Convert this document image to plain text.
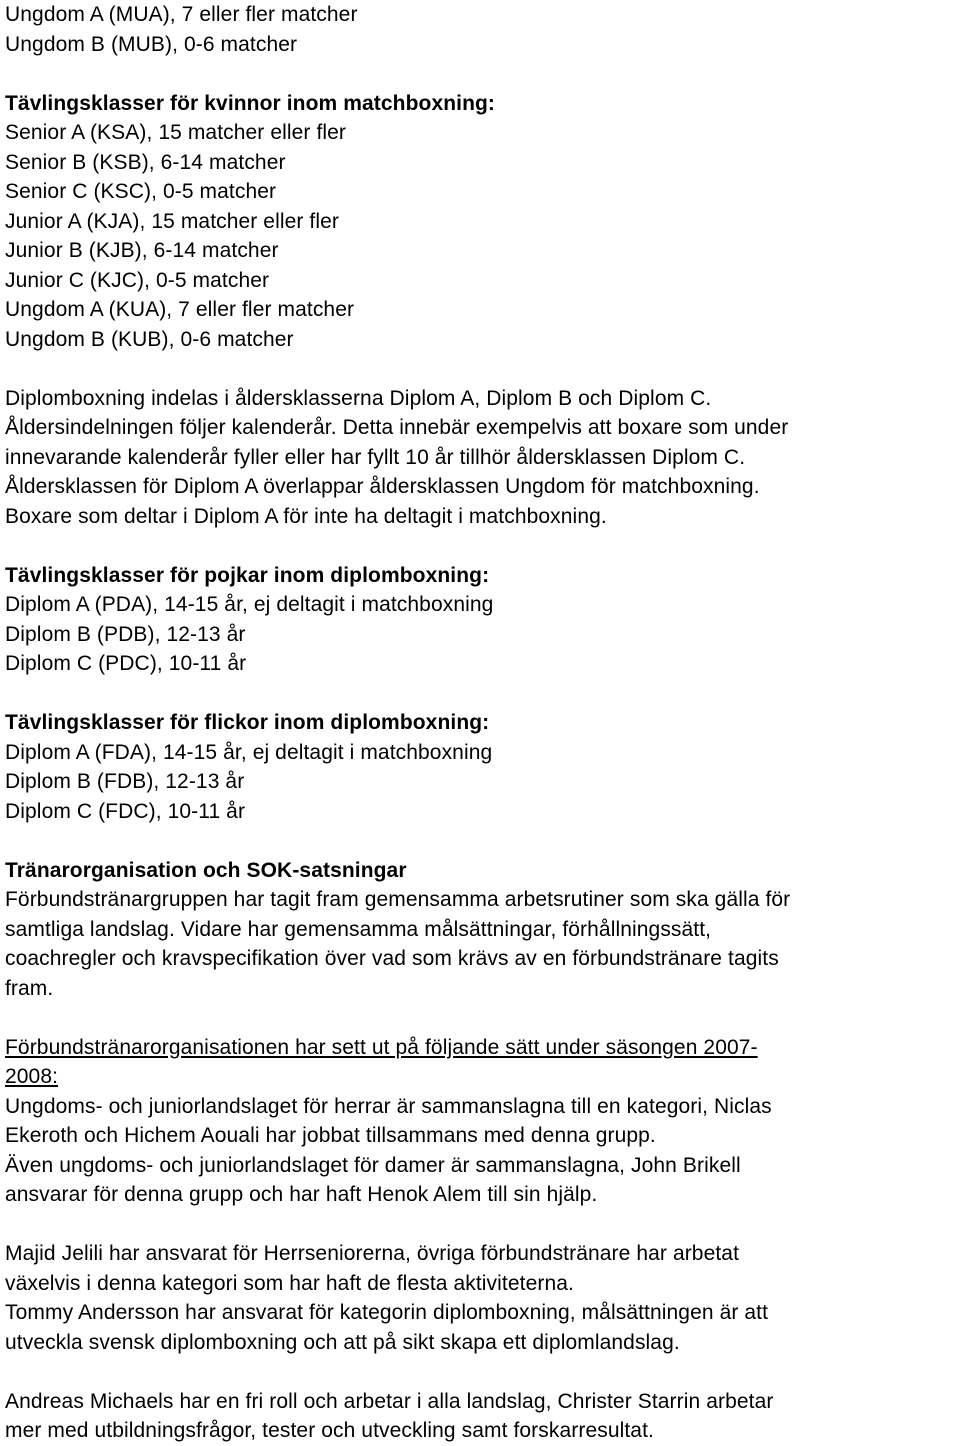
Ungdom A (MUA), 7 eller fler matcher
Ungdom B (MUB), 0-6 matcher
Tävlingsklasser för kvinnor inom matchboxning:
Senior A (KSA), 15 matcher eller fler
Senior B (KSB), 6-14 matcher
Senior C (KSC), 0-5 matcher
Junior A (KJA), 15 matcher eller fler
Junior B (KJB), 6-14 matcher
Junior C (KJC), 0-5 matcher
Ungdom A (KUA), 7 eller fler matcher
Ungdom B (KUB), 0-6 matcher
Diplomboxning indelas i åldersklasserna Diplom A, Diplom B och Diplom C.
Åldersindelningen följer kalenderår. Detta innebär exempelvis att boxare som under
innevarande kalenderår fyller eller har fyllt 10 år tillhör åldersklassen Diplom C.
Åldersklassen för Diplom A överlappar åldersklassen Ungdom för matchboxning.
Boxare som deltar i Diplom A för inte ha deltagit i matchboxning.
Tävlingsklasser för pojkar inom diplomboxning:
Diplom A (PDA), 14-15 år, ej deltagit i matchboxning
Diplom B (PDB), 12-13 år
Diplom C (PDC), 10-11 år
Tävlingsklasser för flickor inom diplomboxning:
Diplom A (FDA), 14-15 år, ej deltagit i matchboxning
Diplom B (FDB), 12-13 år
Diplom C (FDC), 10-11 år
Tränarorganisation och SOK-satsningar
Förbundstränargruppen har tagit fram gemensamma arbetsrutiner som ska gälla för
samtliga landslag. Vidare har gemensamma målsättningar, förhållningssätt,
coachregler och kravspecifikation över vad som krävs av en förbundstränare tagits
fram.
Förbundstränarorganisationen har sett ut på följande sätt under säsongen 2007-
2008:
Ungdoms- och juniorlandslaget för herrar är sammanslagna till en kategori, Niclas
Ekeroth och Hichem Aouali har jobbat tillsammans med denna grupp.
Även ungdoms- och juniorlandslaget för damer är sammanslagna, John Brikell
ansvarar för denna grupp och har haft Henok Alem till sin hjälp.
Majid Jelili har ansvarat för Herrseniorerna, övriga förbundstränare har arbetat
växelvis i denna kategori som har haft de flesta aktiviteterna.
Tommy Andersson har ansvarat för kategorin diplomboxning, målsättningen är att
utveckla svensk diplomboxning och att på sikt skapa ett diplomlandslag.
Andreas Michaels har en fri roll och arbetar i alla landslag, Christer Starrin arbetar
mer med utbildningsfrågor, tester och utveckling samt forskarresultat.
